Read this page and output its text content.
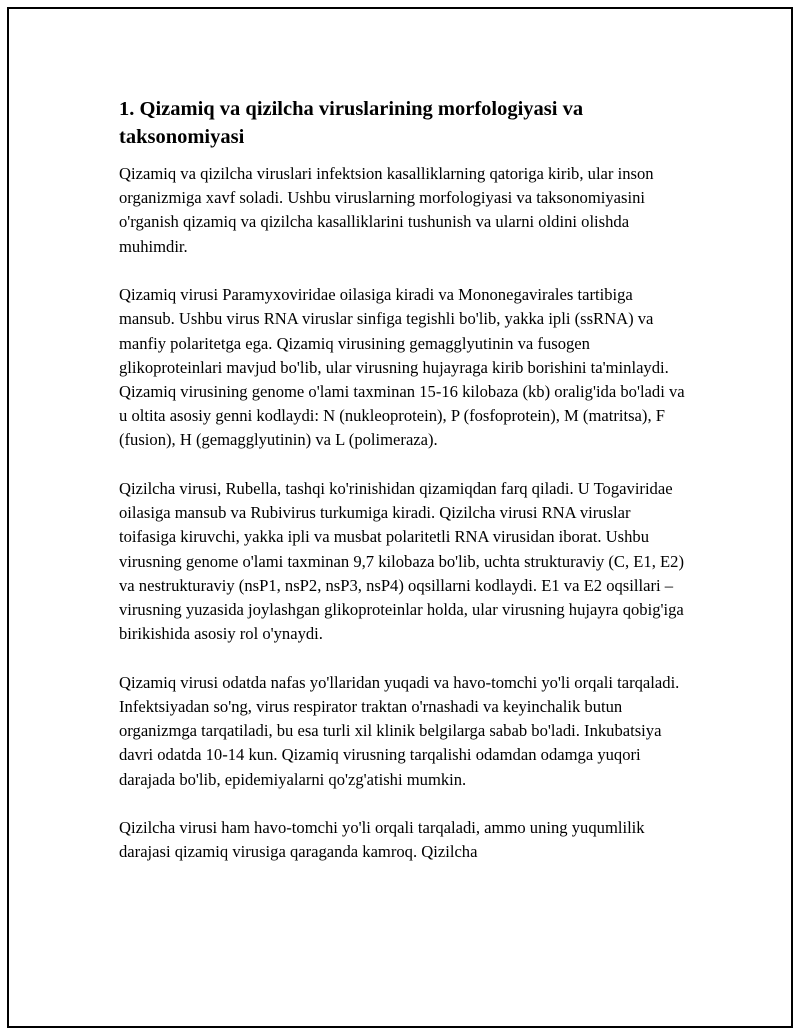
1. Qizamiq va qizilcha viruslarining morfologiyasi va taksonomiyasi

Qizamiq va qizilcha viruslari infektsion kasalliklarning qatoriga kirib, ular inson organizmiga xavf soladi. Ushbu viruslarning morfologiyasi va taksonomiyasini o'rganish qizamiq va qizilcha kasalliklarini tushunish va ularni oldini olishda muhimdir.

Qizamiq virusi Paramyxoviridae oilasiga kiradi va Mononegavirales tartibiga mansub. Ushbu virus RNA viruslar sinfiga tegishli bo'lib, yakka ipli (ssRNA) va manfiy polaritetga ega. Qizamiq virusining gemagglyutinin va fusogen glikoproteinlari mavjud bo'lib, ular virusning hujayraga kirib borishini ta'minlaydi. Qizamiq virusining genome o'lami taxminan 15-16 kilobaza (kb) oralig'ida bo'ladi va u oltita asosiy genni kodlaydi: N (nukleoprotein), P (fosfoprotein), M (matritsa), F (fusion), H (gemagglyutinin) va L (polimeraza).

Qizilcha virusi, Rubella, tashqi ko'rinishidan qizamiqdan farq qiladi. U Togaviridae oilasiga mansub va Rubivirus turkumiga kiradi. Qizilcha virusi RNA viruslar toifasiga kiruvchi, yakka ipli va musbat polaritetli RNA virusidan iborat. Ushbu virusning genome o'lami taxminan 9,7 kilobaza bo'lib, uchta strukturaviy (C, E1, E2) va nestrukturaviy (nsP1, nsP2, nsP3, nsP4) oqsillarni kodlaydi. E1 va E2 oqsillari – virusning yuzasida joylashgan glikoproteinlar holda, ular virusning hujayra qobig'iga birikishida asosiy rol o'ynaydi.

Qizamiq virusi odatda nafas yo'llaridan yuqadi va havo-tomchi yo'li orqali tarqaladi. Infektsiyadan so'ng, virus respirator traktan o'rnashadi va keyinchalik butun organizmga tarqatiladi, bu esa turli xil klinik belgilarga sabab bo'ladi. Inkubatsiya davri odatda 10-14 kun. Qizamiq virusning tarqalishi odamdan odamga yuqori darajada bo'lib, epidemiyalarni qo'zg'atishi mumkin.

Qizilcha virusi ham havo-tomchi yo'li orqali tarqaladi, ammo uning yuqumlilik darajasi qizamiq virusiga qaraganda kamroq. Qizilcha
